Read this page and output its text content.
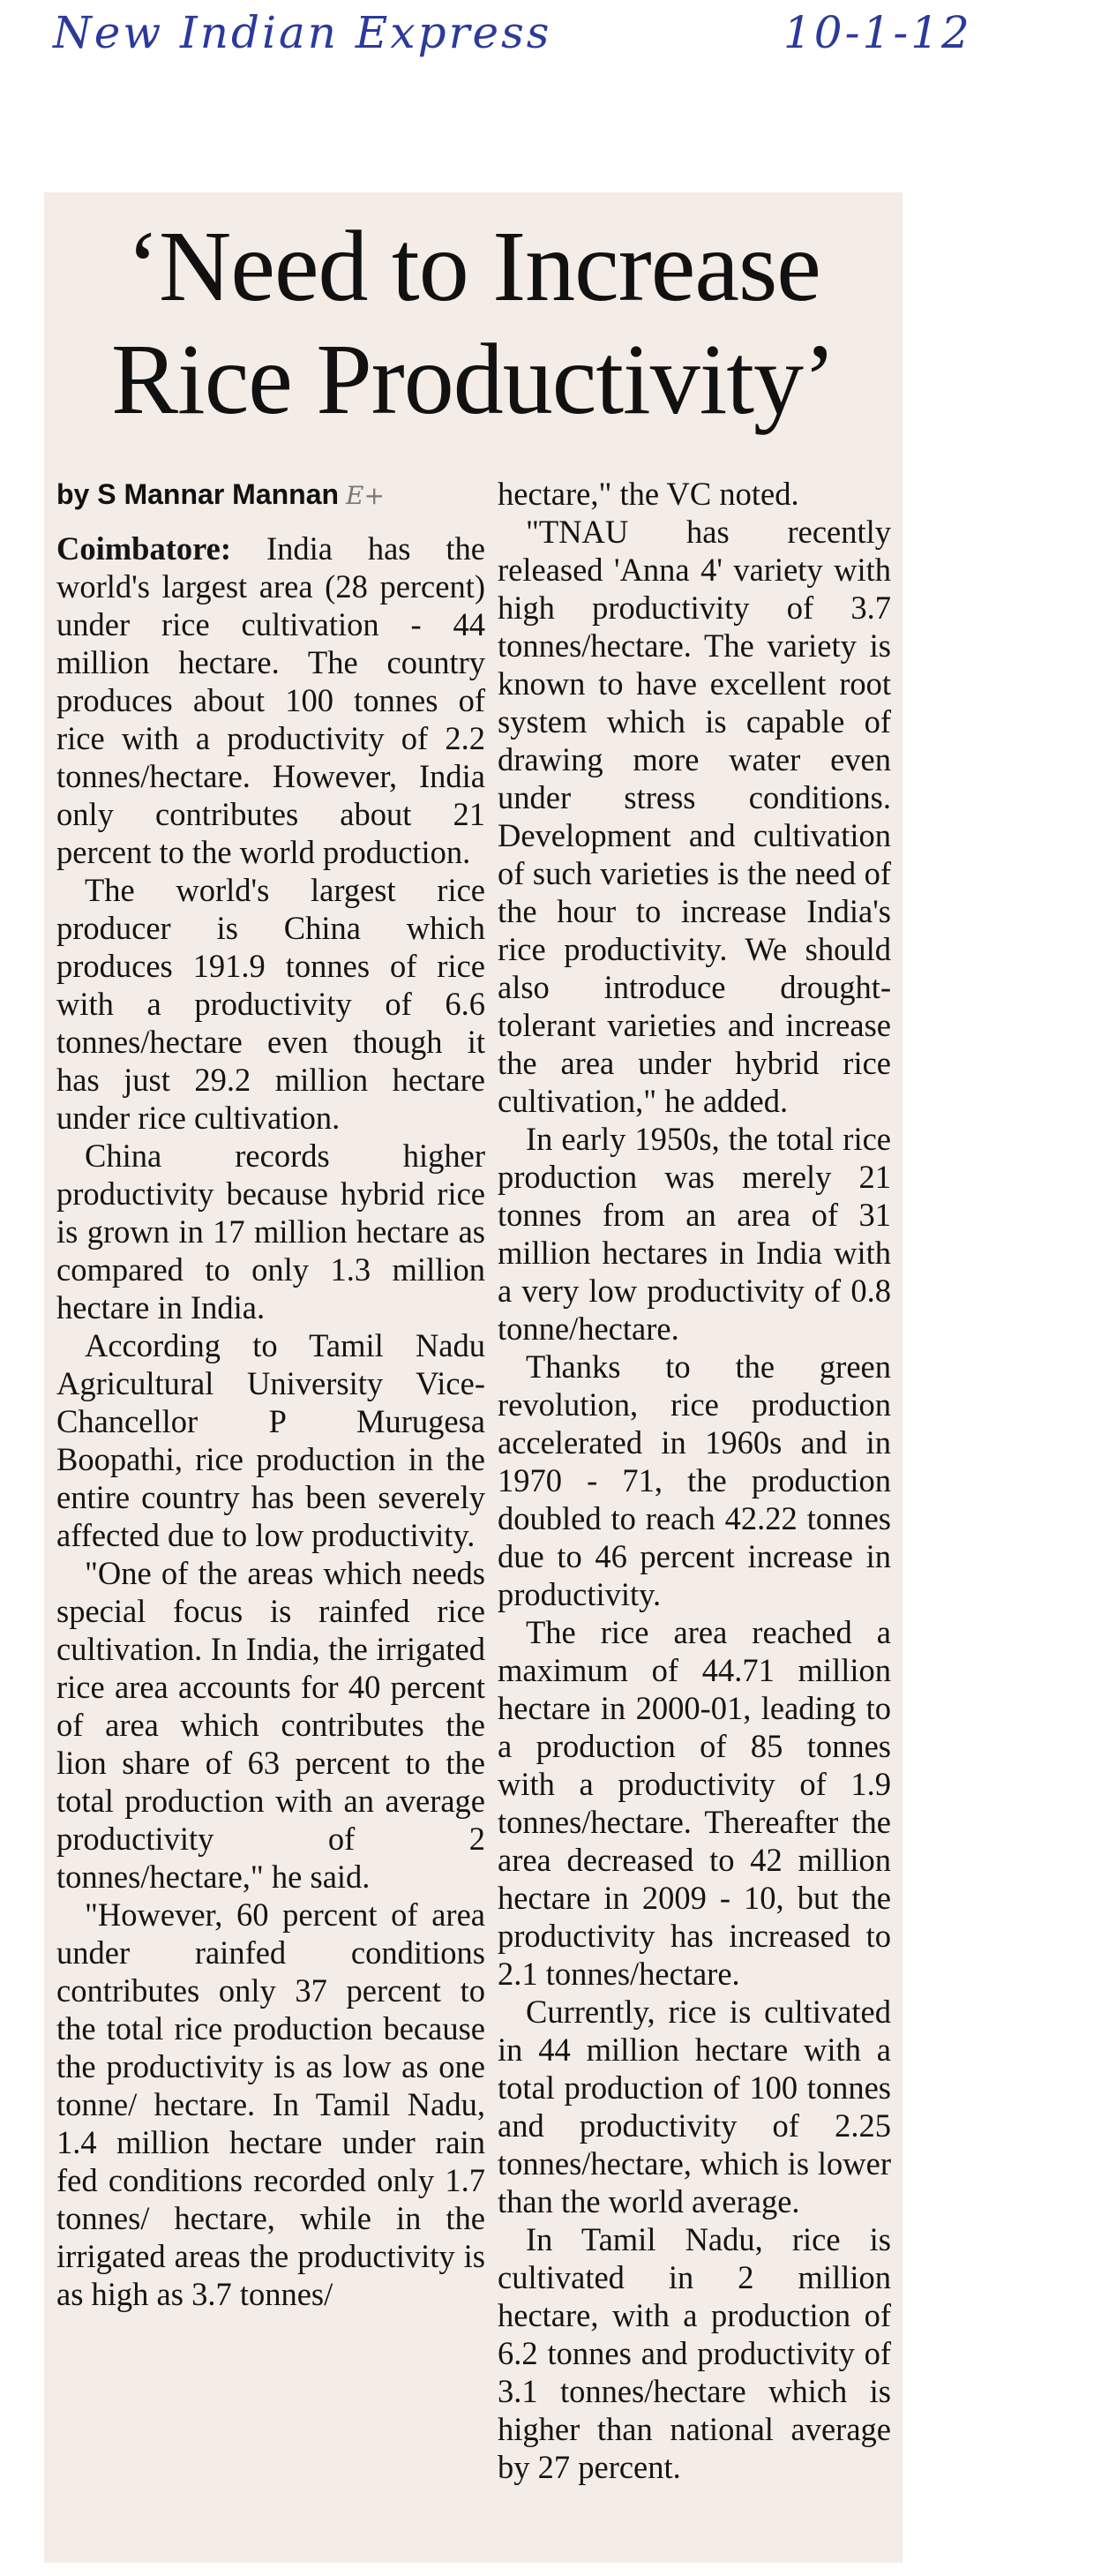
New Indian Express	10-1-12
‘Need to Increase
Rice Productivity’
by S Mannar Mannan E+

Coimbatore: India has the world's largest area (28 percent) under rice cultivation - 44 million hectare. The country produces about 100 tonnes of rice with a productivity of 2.2 tonnes/hectare. However, India only contributes about 21 percent to the world production.

The world's largest rice producer is China which produces 191.9 tonnes of rice with a productivity of 6.6 tonnes/hectare even though it has just 29.2 million hectare under rice cultivation.

China records higher productivity because hybrid rice is grown in 17 million hectare as compared to only 1.3 million hectare in India.

According to Tamil Nadu Agricultural University Vice-Chancellor P Murugesa Boopathi, rice production in the entire country has been severely affected due to low productivity.

"One of the areas which needs special focus is rainfed rice cultivation. In India, the irrigated rice area accounts for 40 percent of area which contributes the lion share of 63 percent to the total production with an average productivity of 2 tonnes/hectare," he said.

"However, 60 percent of area under rainfed conditions contributes only 37 percent to the total rice production because the productivity is as low as one tonne/ hectare. In Tamil Nadu, 1.4 million hectare under rain fed conditions recorded only 1.7 tonnes/ hectare, while in the irrigated areas the productivity is as high as 3.7 tonnes/

hectare," the VC noted.

"TNAU has recently released 'Anna 4' variety with high productivity of 3.7 tonnes/hectare. The variety is known to have excellent root system which is capable of drawing more water even under stress conditions. Development and cultivation of such varieties is the need of the hour to increase India's rice productivity. We should also introduce drought-tolerant varieties and increase the area under hybrid rice cultivation," he added.

In early 1950s, the total rice production was merely 21 tonnes from an area of 31 million hectares in India with a very low productivity of 0.8 tonne/hectare.

Thanks to the green revolution, rice production accelerated in 1960s and in 1970 - 71, the production doubled to reach 42.22 tonnes due to 46 percent increase in productivity.

The rice area reached a maximum of 44.71 million hectare in 2000-01, leading to a production of 85 tonnes with a productivity of 1.9 tonnes/hectare. Thereafter the area decreased to 42 million hectare in 2009 - 10, but the productivity has increased to 2.1 tonnes/hectare.

Currently, rice is cultivated in 44 million hectare with a total production of 100 tonnes and productivity of 2.25 tonnes/hectare, which is lower than the world average.

In Tamil Nadu, rice is cultivated in 2 million hectare, with a production of 6.2 tonnes and productivity of 3.1 tonnes/hectare which is higher than national average by 27 percent.
